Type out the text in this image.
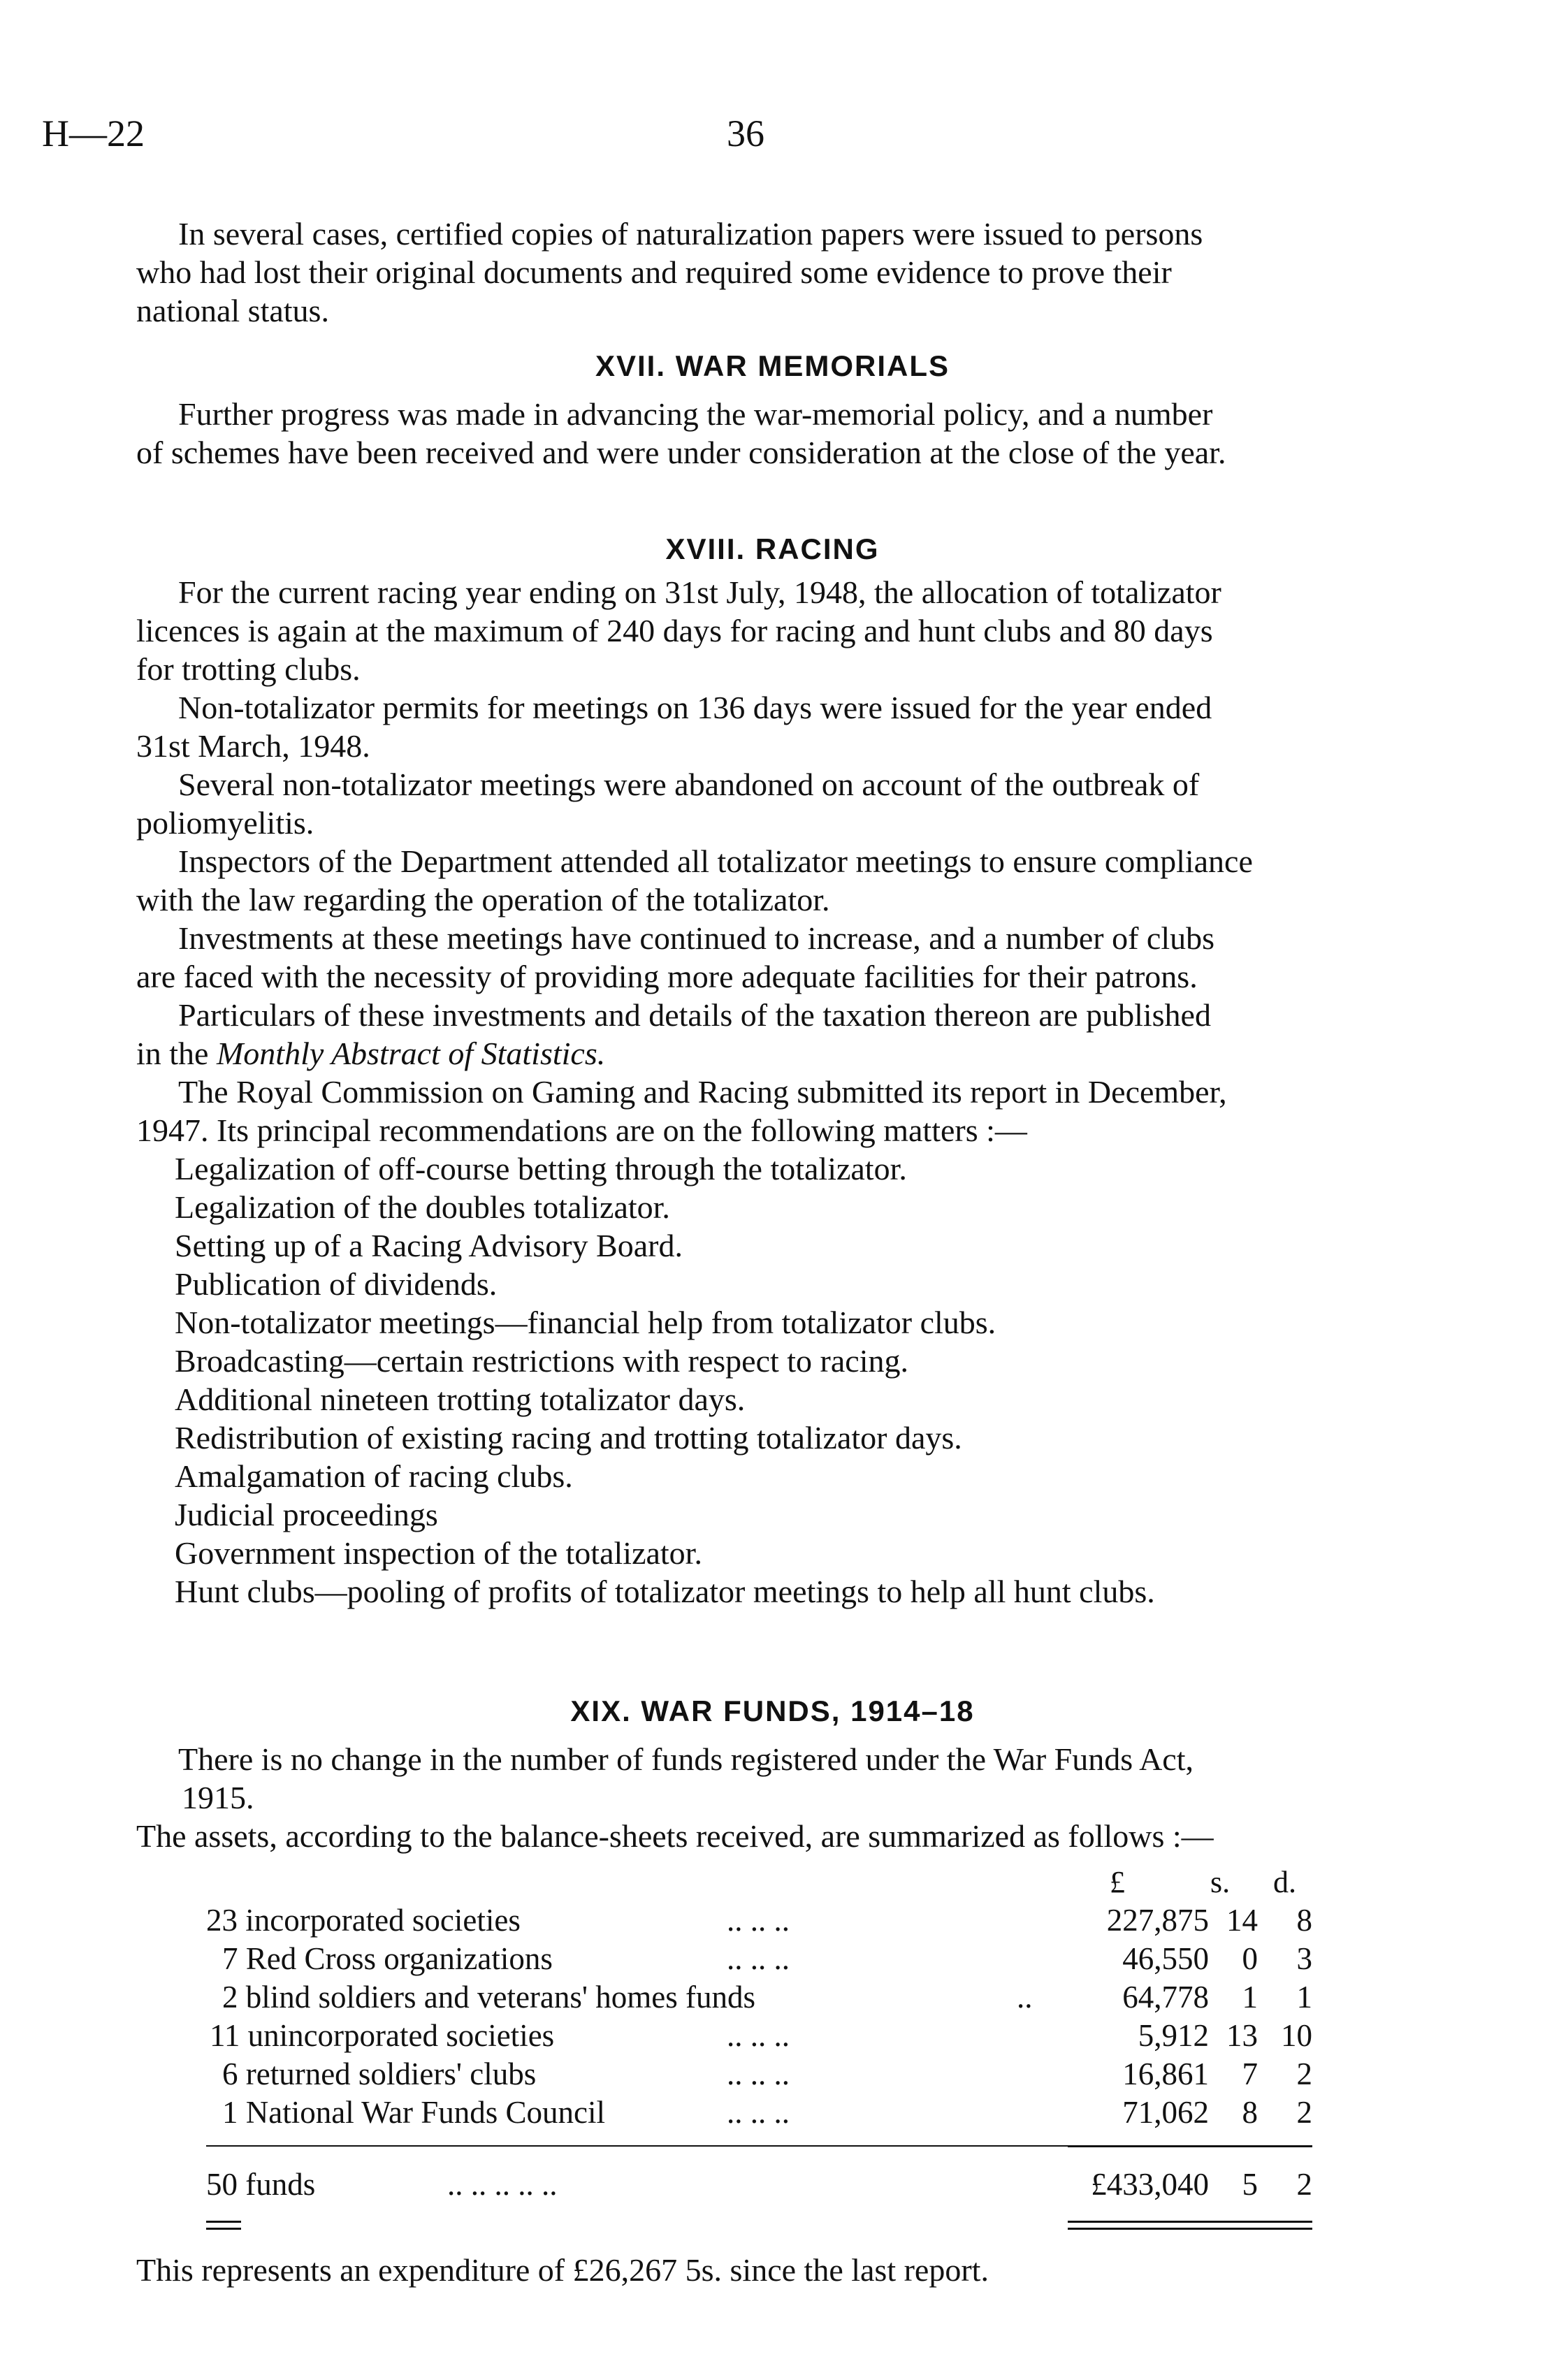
H—22	36
In several cases, certified copies of naturalization papers were issued to persons
who had lost their original documents and required some evidence to prove their
national status.
XVII. WAR MEMORIALS
Further progress was made in advancing the war-memorial policy, and a number
of schemes have been received and were under consideration at the close of the year.
XVIII. RACING
For the current racing year ending on 31st July, 1948, the allocation of totalizator
licences is again at the maximum of 240 days for racing and hunt clubs and 80 days
for trotting clubs.
Non-totalizator permits for meetings on 136 days were issued for the year ended
31st March, 1948.
Several non-totalizator meetings were abandoned on account of the outbreak of
poliomyelitis.
Inspectors of the Department attended all totalizator meetings to ensure compliance
with the law regarding the operation of the totalizator.
Investments at these meetings have continued to increase, and a number of clubs
are faced with the necessity of providing more adequate facilities for their patrons.
Particulars of these investments and details of the taxation thereon are published
in the Monthly Abstract of Statistics.
The Royal Commission on Gaming and Racing submitted its report in December,
1947. Its principal recommendations are on the following matters :—
Legalization of off-course betting through the totalizator.
Legalization of the doubles totalizator.
Setting up of a Racing Advisory Board.
Publication of dividends.
Non-totalizator meetings—financial help from totalizator clubs.
Broadcasting—certain restrictions with respect to racing.
Additional nineteen trotting totalizator days.
Redistribution of existing racing and trotting totalizator days.
Amalgamation of racing clubs.
Judicial proceedings
Government inspection of the totalizator.
Hunt clubs—pooling of profits of totalizator meetings to help all hunt clubs.
XIX. WAR FUNDS, 1914–18
There is no change in the number of funds registered under the War Funds Act,
1915.
The assets, according to the balance-sheets received, are summarized as follows :—
£	s. d.
23 incorporated societies	.. .. ..	227,875 14	8
7 Red Cross organizations	.. .. ..	46,550	0	3
2 blind soldiers and veterans' homes funds	..	64,778	1	1
11 unincorporated societies	.. .. ..	5,912 13 10
6 returned soldiers' clubs	.. .. ..	16,861	7	2
1 National War Funds Council	.. .. ..	71,062	8	2
50 funds	.. .. .. .. ..	£433,040	5	2
This represents an expenditure of £26,267 5s. since the last report.
